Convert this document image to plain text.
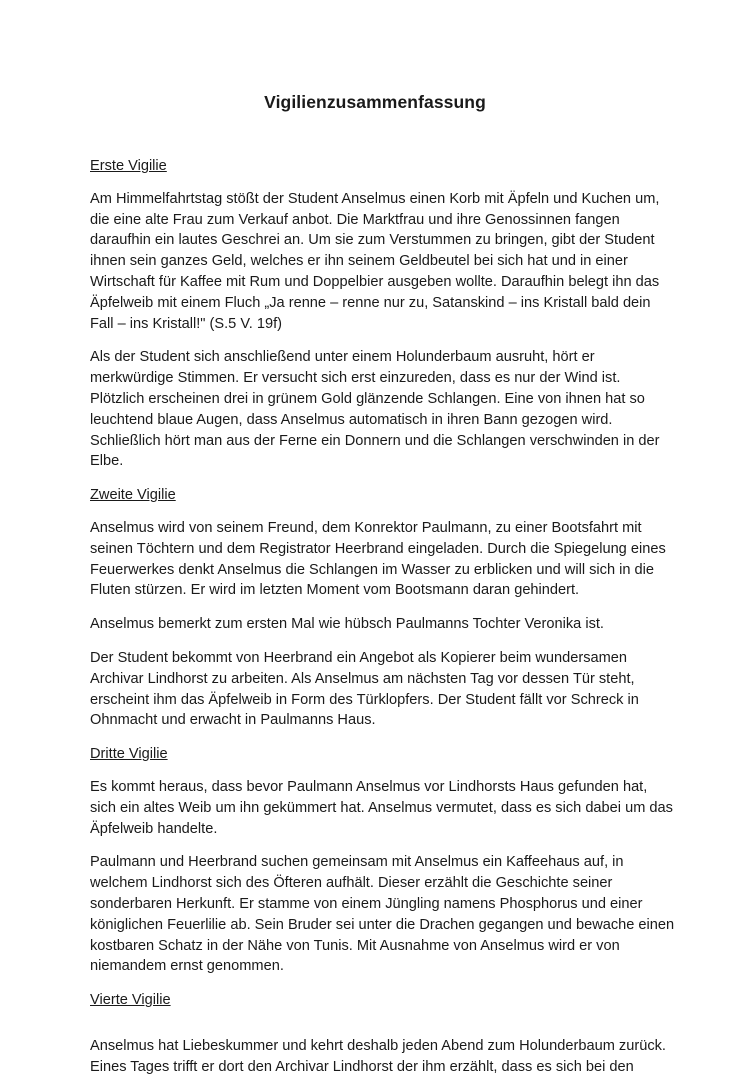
Vigilienzusammenfassung
Erste Vigilie

Am Himmelfahrtstag stößt der Student Anselmus einen Korb mit Äpfeln und Kuchen um, die eine alte Frau zum Verkauf anbot. Die Marktfrau und ihre Genossinnen fangen daraufhin ein lautes Geschrei an. Um sie zum Verstummen zu bringen, gibt der Student ihnen sein ganzes Geld, welches er ihn seinem Geldbeutel bei sich hat und in einer Wirtschaft für Kaffee mit Rum und Doppelbier ausgeben wollte. Daraufhin belegt ihn das Äpfelweib mit einem Fluch „Ja renne – renne nur zu, Satanskind – ins Kristall bald dein Fall – ins Kristall!" (S.5 V. 19f)

Als der Student sich anschließend unter einem Holunderbaum ausruht, hört er merkwürdige Stimmen. Er versucht sich erst einzureden, dass es nur der Wind ist. Plötzlich erscheinen drei in grünem Gold glänzende Schlangen. Eine von ihnen hat so leuchtend blaue Augen, dass Anselmus automatisch in ihren Bann gezogen wird. Schließlich hört man aus der Ferne ein Donnern und die Schlangen verschwinden in der Elbe.

Zweite Vigilie

Anselmus wird von seinem Freund, dem Konrektor Paulmann, zu einer Bootsfahrt mit seinen Töchtern und dem Registrator Heerbrand eingeladen. Durch die Spiegelung eines Feuerwerkes denkt Anselmus die Schlangen im Wasser zu erblicken und will sich in die Fluten stürzen. Er wird im letzten Moment vom Bootsmann daran gehindert.

Anselmus bemerkt zum ersten Mal wie hübsch Paulmanns Tochter Veronika ist.

Der Student bekommt von Heerbrand ein Angebot als Kopierer beim wundersamen Archivar Lindhorst zu arbeiten. Als Anselmus am nächsten Tag vor dessen Tür steht, erscheint ihm das Äpfelweib in Form des Türklopfers. Der Student fällt vor Schreck in Ohnmacht und erwacht in Paulmanns Haus.

Dritte Vigilie

Es kommt heraus, dass bevor Paulmann Anselmus vor Lindhorsts Haus gefunden hat, sich ein altes Weib um ihn gekümmert hat. Anselmus vermutet, dass es sich dabei um das Äpfelweib handelte.

Paulmann und Heerbrand suchen gemeinsam mit Anselmus ein Kaffeehaus auf, in welchem Lindhorst sich des Öfteren aufhält. Dieser erzählt die Geschichte seiner sonderbaren Herkunft. Er stamme von einem Jüngling namens Phosphorus und einer königlichen Feuerlilie ab. Sein Bruder sei unter die Drachen gegangen und bewache einen kostbaren Schatz in der Nähe von Tunis. Mit Ausnahme von Anselmus wird er von niemandem ernst genommen.

Vierte Vigilie

Anselmus hat Liebeskummer und kehrt deshalb jeden Abend zum Holunderbaum zurück. Eines Tages trifft er dort den Archivar Lindhorst der ihm erzählt, dass es sich bei den
